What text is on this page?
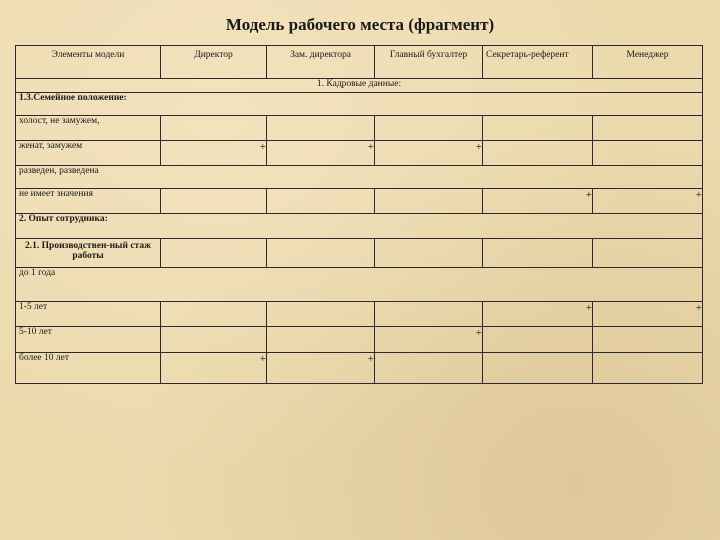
Модель рабочего места (фрагмент)
Элементы модели	Директор	Зам. директора	Главный бухгалтер	Секретарь-референт	Менеджер
1. Кадровые данные:					
1.3.Семейное положение:					
холост, не замужем,					
женат, замужем	+	+	+		
разведен, разведена					
не имеет значения				+	+
2. Опыт сотрудника:					
2.1. Производствен-ный стаж работы					
до 1 года					
1-5 лет				+	+
5-10 лет			+		
более 10 лет	+	+			
